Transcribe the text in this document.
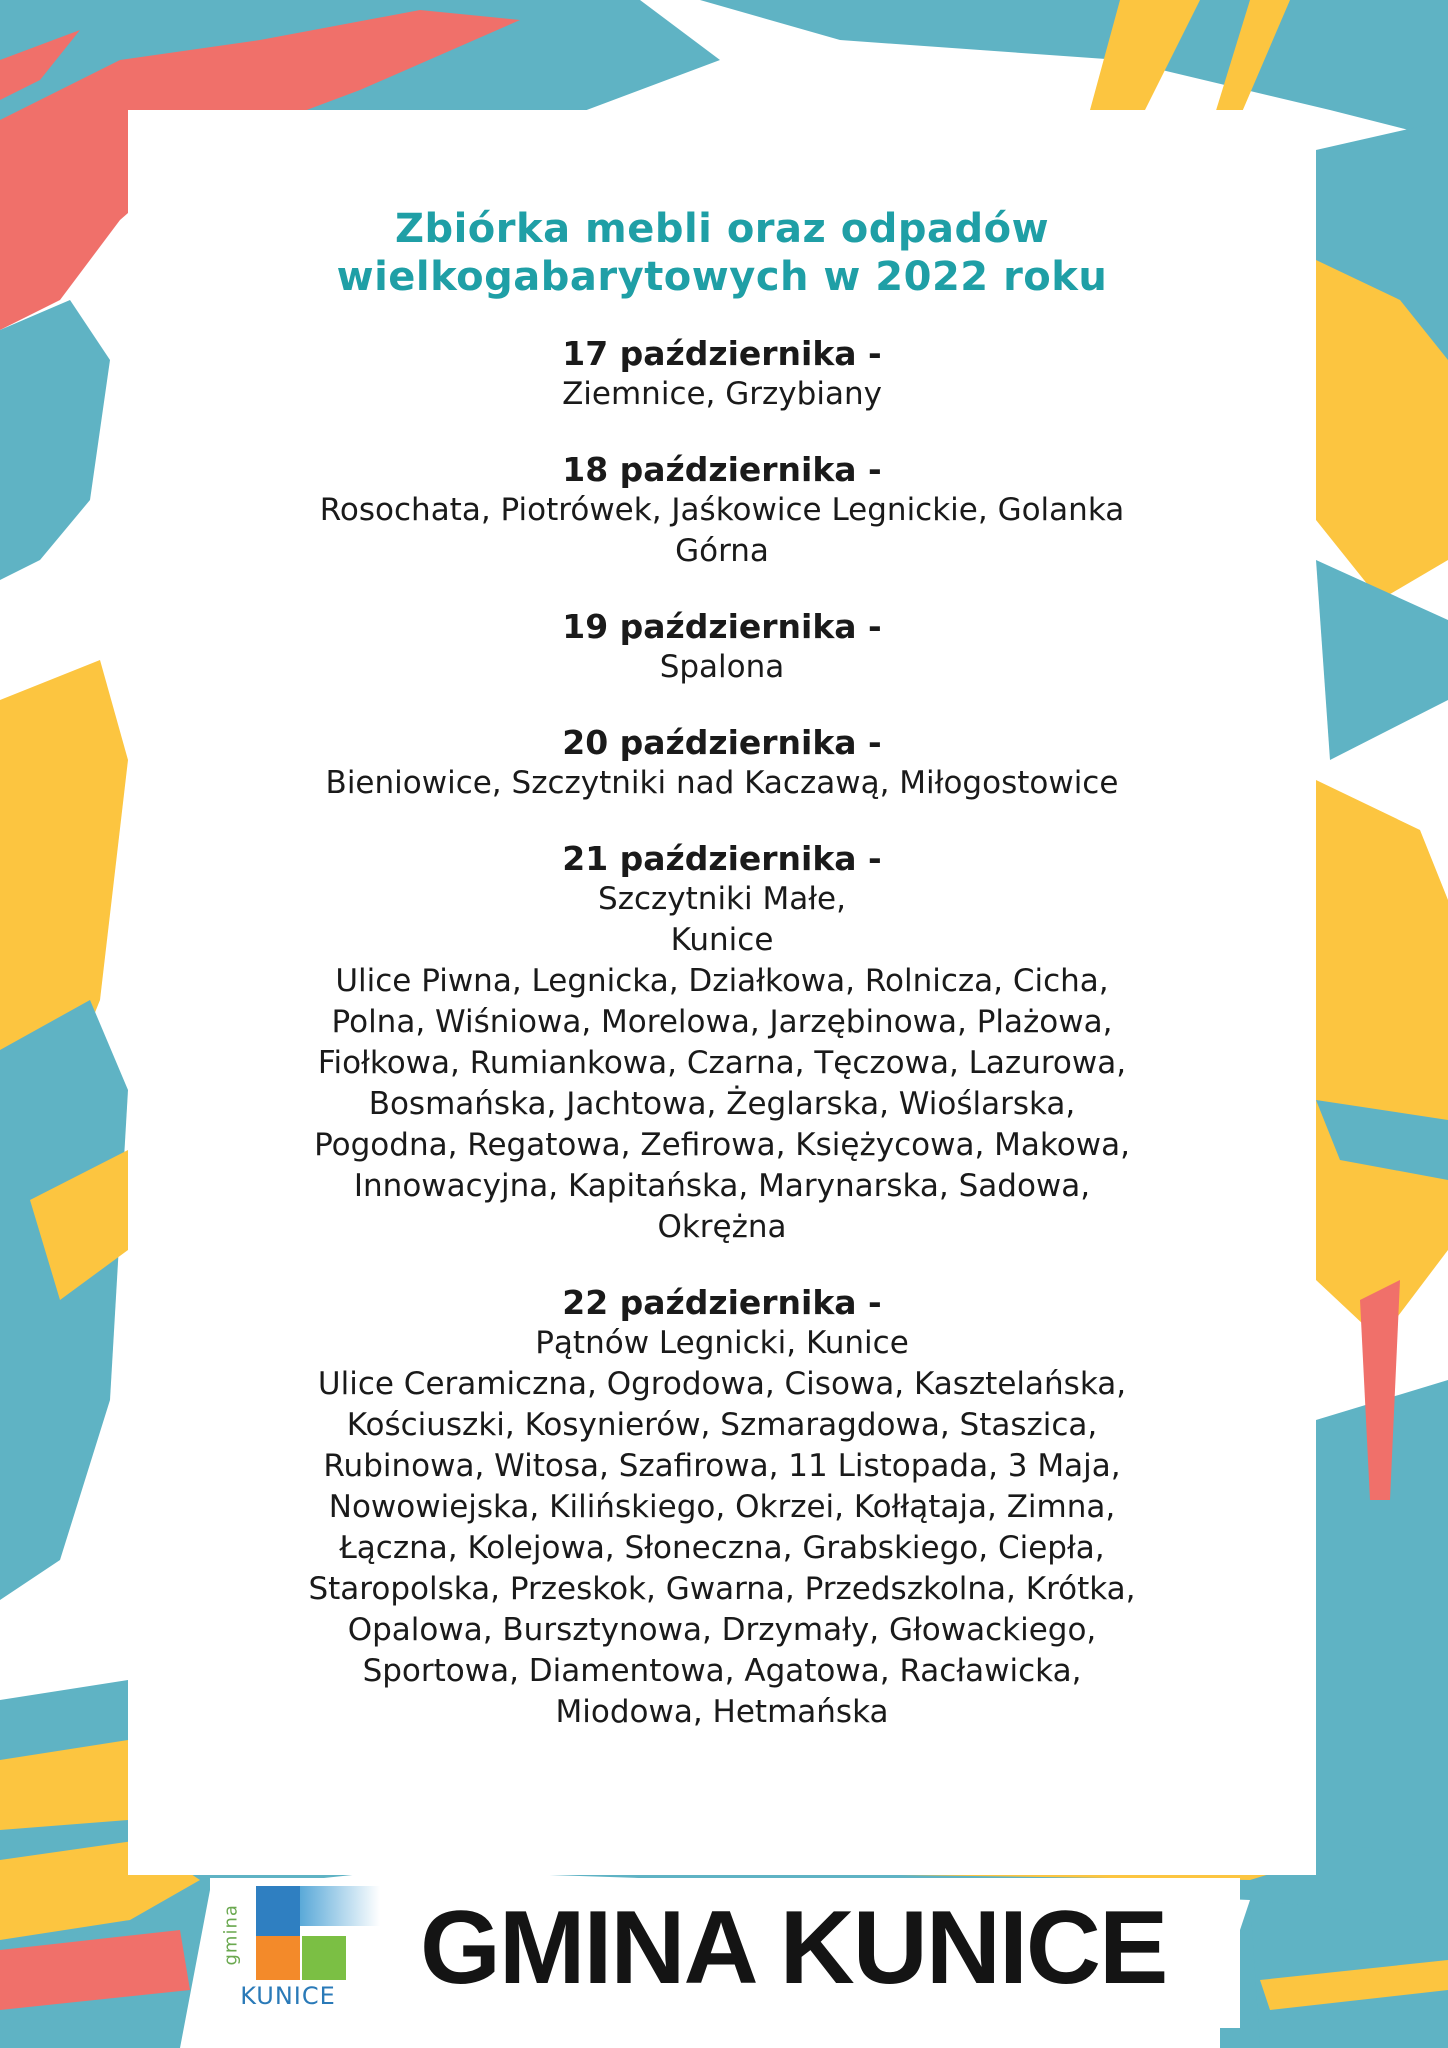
Zbiórka mebli oraz odpadów
wielkogabarytowych w 2022 roku
17 października -
Ziemnice, Grzybiany
18 października -
Rosochata, Piotrówek, Jaśkowice Legnickie, Golanka
Górna
19 października -
Spalona
20 października -
Bieniowice, Szczytniki nad Kaczawą, Miłogostowice
21 października -
Szczytniki Małe,
Kunice
Ulice Piwna, Legnicka, Działkowa, Rolnicza, Cicha,
Polna, Wiśniowa, Morelowa, Jarzębinowa, Plażowa,
Fiołkowa, Rumiankowa, Czarna, Tęczowa, Lazurowa,
Bosmańska, Jachtowa, Żeglarska, Wioślarska,
Pogodna, Regatowa, Zefirowa, Księżycowa, Makowa,
Innowacyjna, Kapitańska, Marynarska, Sadowa,
Okrężna
22 października -
Pątnów Legnicki, Kunice
Ulice Ceramiczna, Ogrodowa, Cisowa, Kasztelańska,
Kościuszki, Kosynierów, Szmaragdowa, Staszica,
Rubinowa, Witosa, Szafirowa, 11 Listopada, 3 Maja,
Nowowiejska, Kilińskiego, Okrzei, Kołłątaja, Zimna,
Łączna, Kolejowa, Słoneczna, Grabskiego, Ciepła,
Staropolska, Przeskok, Gwarna, Przedszkolna, Krótka,
Opalowa, Bursztynowa, Drzymały, Głowackiego,
Sportowa, Diamentowa, Agatowa, Racławicka,
Miodowa, Hetmańska
gmina
KUNICE GMINA KUNICE
